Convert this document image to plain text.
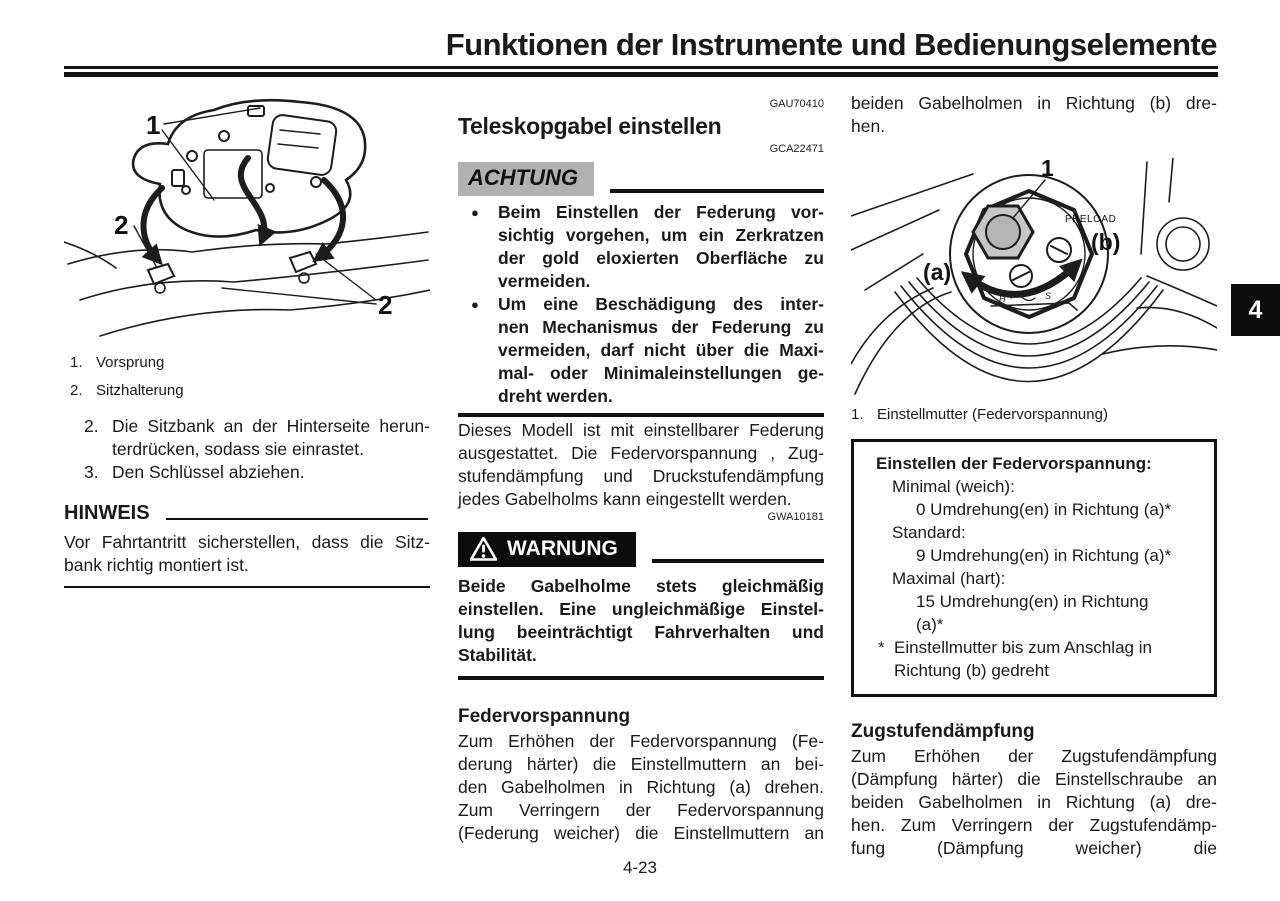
Funktionen der Instrumente und Bedienungselemente
4
1
2
2
1. Vorsprung
2. Sitzhalterung
2. Die Sitzbank an der Hinterseite herun-
terdrücken, sodass sie einrastet.
3. Den Schlüssel abziehen.
HINWEIS
Vor Fahrtantritt sicherstellen, dass die Sitz-
bank richtig montiert ist.
GAU70410
Teleskopgabel einstellen
GCA22471
ACHTUNG
●	Beim Einstellen der Federung vor-
sichtig vorgehen, um ein Zerkratzen
der gold eloxierten Oberfläche zu
vermeiden.
●	Um eine Beschädigung des inter-
nen Mechanismus der Federung zu
vermeiden, darf nicht über die Maxi-
mal- oder Minimaleinstellungen ge-
dreht werden.
Dieses Modell ist mit einstellbarer Federung
ausgestattet. Die Federvorspannung , Zug-
stufendämpfung und Druckstufendämpfung
jedes Gabelholms kann eingestellt werden.
GWA10181
WARNUNG
Beide Gabelholme stets gleichmäßig
einstellen. Eine ungleichmäßige Einstel-
lung beeinträchtigt Fahrverhalten und
Stabilität.
Federvorspannung
Zum Erhöhen der Federvorspannung (Fe-
derung härter) die Einstellmuttern an bei-
den Gabelholmen in Richtung (a) drehen.
Zum Verringern der Federvorspannung
(Federung weicher) die Einstellmuttern an
beiden Gabelholmen in Richtung (b) dre-
hen.
PRELOAD
(a)
(b)
1
H	S
1. Einstellmutter (Federvorspannung)
Einstellen der Federvorspannung:
Minimal (weich):
0 Umdrehung(en) in Richtung (a)*
Standard:
9 Umdrehung(en) in Richtung (a)*
Maximal (hart):
15 Umdrehung(en) in Richtung (a)*
* Einstellmutter bis zum Anschlag in Richtung (b) gedreht
Zugstufendämpfung
Zum Erhöhen der Zugstufendämpfung
(Dämpfung härter) die Einstellschraube an
beiden Gabelholmen in Richtung (a) dre-
hen. Zum Verringern der Zugstufendämp-
fung (Dämpfung weicher) die
4-23
